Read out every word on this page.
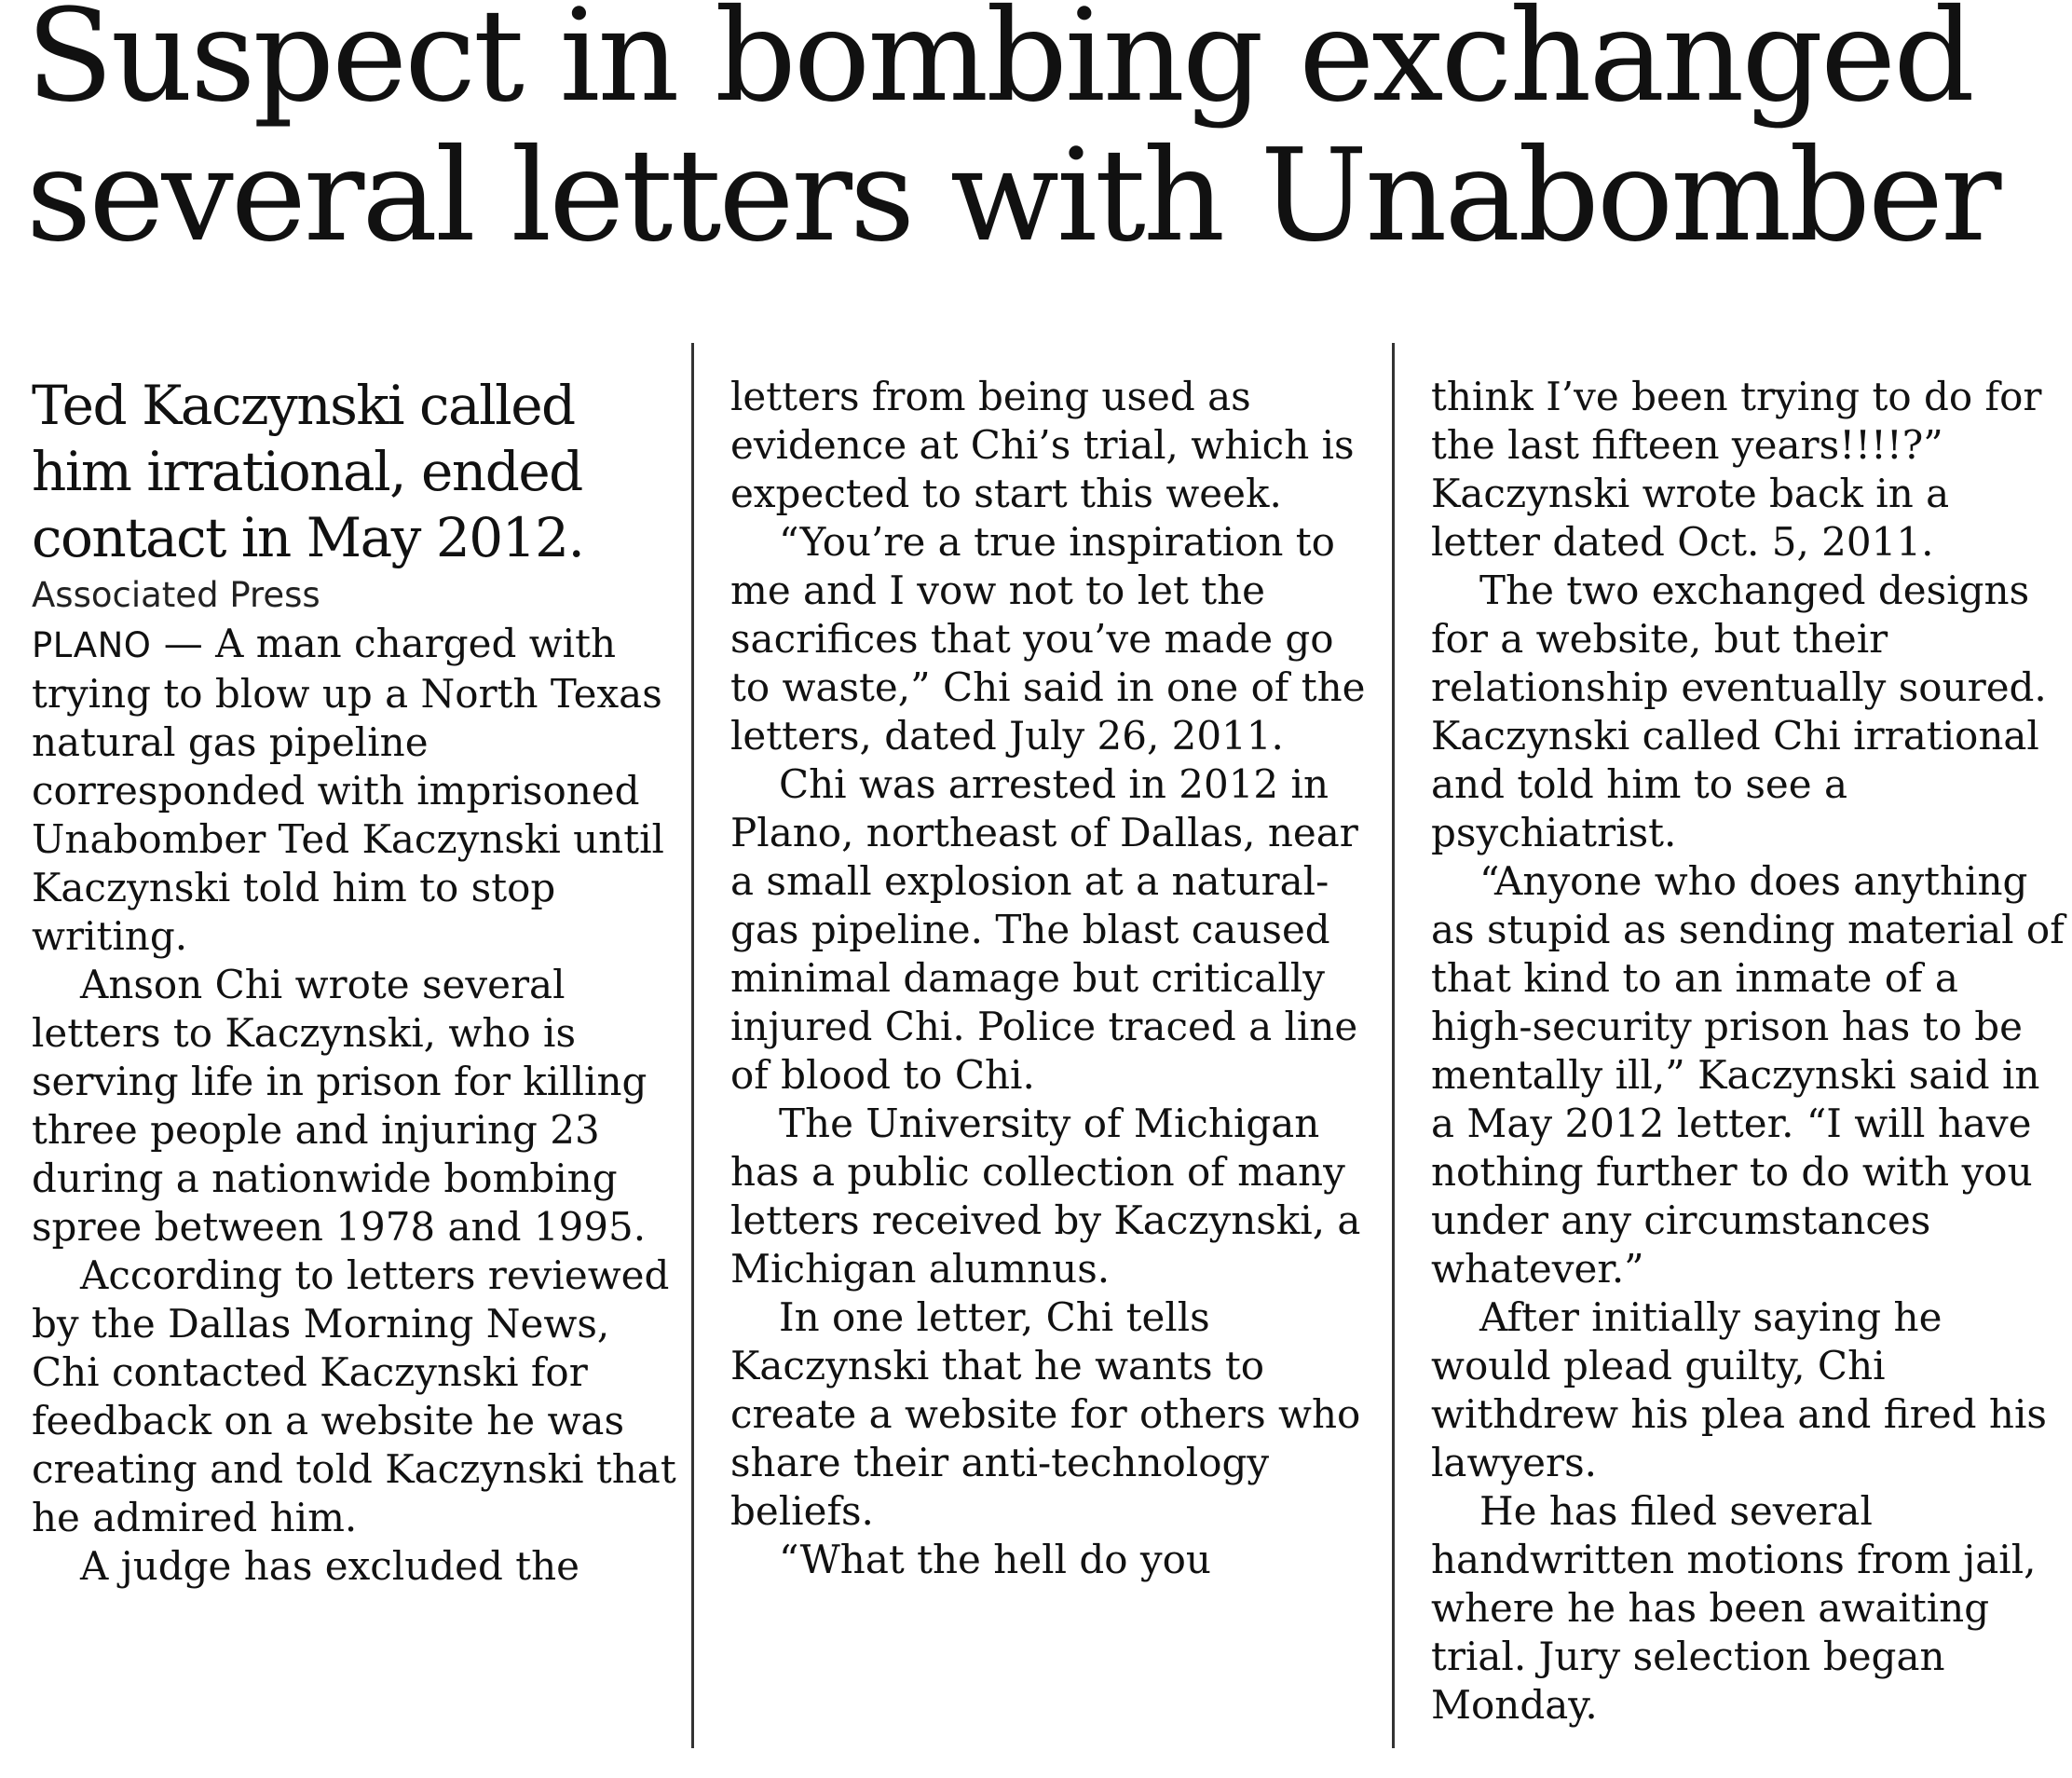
Suspect in bombing exchanged
several letters with Unabomber

Ted Kaczynski called him irrational, ended contact in May 2012.

Associated Press

PLANO — A man charged with trying to blow up a North Texas natural gas pipeline corresponded with imprisoned Unabomber Ted Kaczynski until Kaczynski told him to stop writing.

Anson Chi wrote several letters to Kaczynski, who is serving life in prison for killing three people and injuring 23 during a nationwide bombing spree between 1978 and 1995.

According to letters reviewed by the Dallas Morning News, Chi contacted Kaczynski for feedback on a website he was creating and told Kaczynski that he admired him.

A judge has excluded the

letters from being used as evidence at Chi’s trial, which is expected to start this week.

“You’re a true inspiration to me and I vow not to let the sacrifices that you’ve made go to waste,” Chi said in one of the letters, dated July 26, 2011.

Chi was arrested in 2012 in Plano, northeast of Dallas, near a small explosion at a natural-gas pipeline. The blast caused minimal damage but critically injured Chi. Police traced a line of blood to Chi.

The University of Michigan has a public collection of many letters received by Kaczynski, a Michigan alumnus.

In one letter, Chi tells Kaczynski that he wants to create a website for others who share their anti-technology beliefs.

“What the hell do you

think I’ve been trying to do for the last fifteen years!!!!?” Kaczynski wrote back in a letter dated Oct. 5, 2011.

The two exchanged designs for a website, but their relationship eventually soured. Kaczynski called Chi irrational and told him to see a psychiatrist.

“Anyone who does anything as stupid as sending material of that kind to an inmate of a high-security prison has to be mentally ill,” Kaczynski said in a May 2012 letter. “I will have nothing further to do with you under any circumstances whatever.”

After initially saying he would plead guilty, Chi withdrew his plea and fired his lawyers.

He has filed several handwritten motions from jail, where he has been awaiting trial. Jury selection began Monday.
